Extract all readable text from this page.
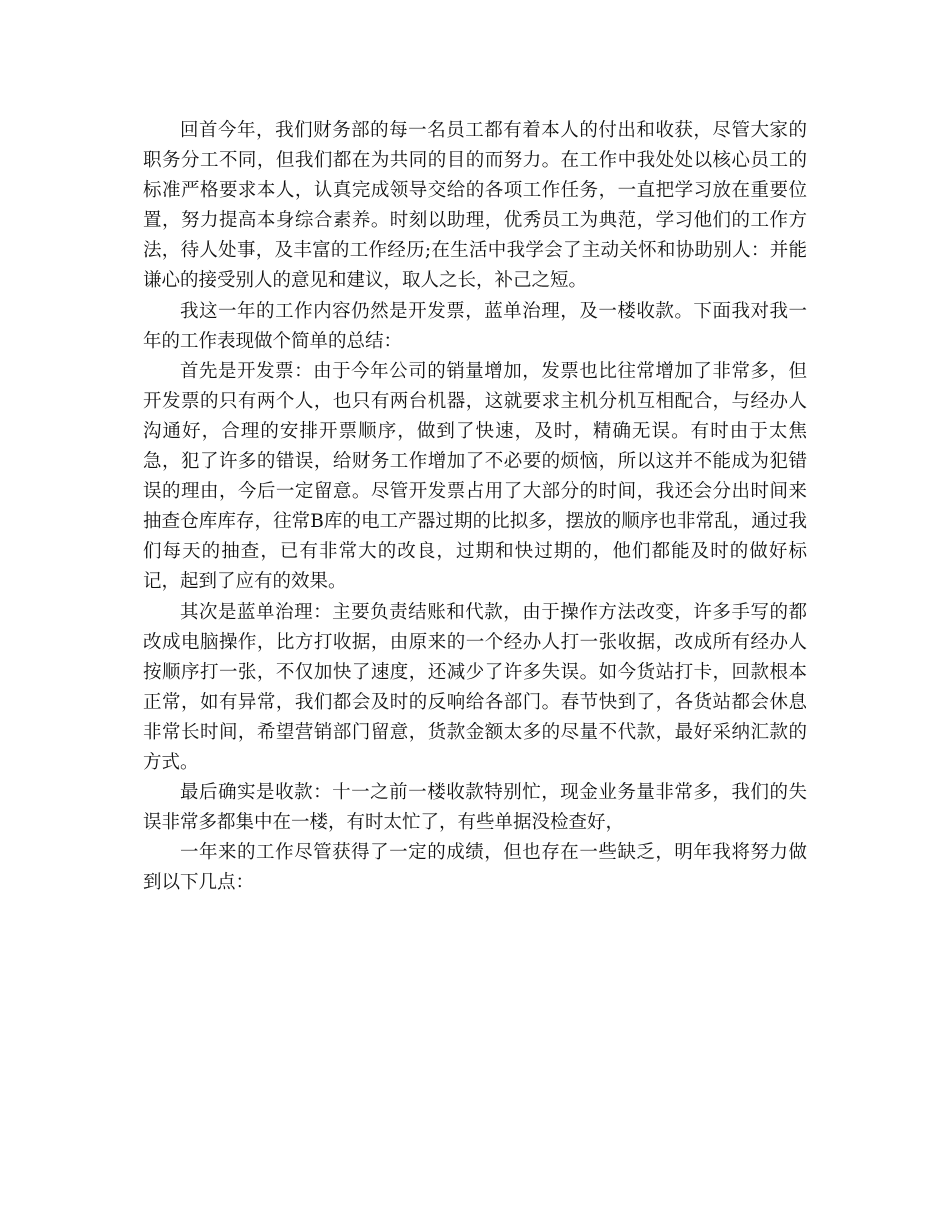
回首今年，我们财务部的每一名员工都有着本人的付出和收获，尽管大家的职务分工不同，但我们都在为共同的目的而努力。在工作中我处处以核心员工的标准严格要求本人，认真完成领导交给的各项工作任务，一直把学习放在重要位置，努力提高本身综合素养。时刻以助理，优秀员工为典范，学习他们的工作方法，待人处事，及丰富的工作经历;在生活中我学会了主动关怀和协助别人：并能谦心的接受别人的意见和建议，取人之长，补己之短。

我这一年的工作内容仍然是开发票，蓝单治理，及一楼收款。下面我对我一年的工作表现做个简单的总结：

首先是开发票：由于今年公司的销量增加，发票也比往常增加了非常多，但开发票的只有两个人，也只有两台机器，这就要求主机分机互相配合，与经办人沟通好，合理的安排开票顺序，做到了快速，及时，精确无误。有时由于太焦急，犯了许多的错误，给财务工作增加了不必要的烦恼，所以这并不能成为犯错误的理由，今后一定留意。尽管开发票占用了大部分的时间，我还会分出时间来抽查仓库库存，往常B库的电工产器过期的比拟多，摆放的顺序也非常乱，通过我们每天的抽查，已有非常大的改良，过期和快过期的，他们都能及时的做好标记，起到了应有的效果。

其次是蓝单治理：主要负责结账和代款，由于操作方法改变，许多手写的都改成电脑操作，比方打收据，由原来的一个经办人打一张收据，改成所有经办人按顺序打一张，不仅加快了速度，还减少了许多失误。如今货站打卡，回款根本正常，如有异常，我们都会及时的反响给各部门。春节快到了，各货站都会休息非常长时间，希望营销部门留意，货款金额太多的尽量不代款，最好采纳汇款的方式。

最后确实是收款：十一之前一楼收款特别忙，现金业务量非常多，我们的失误非常多都集中在一楼，有时太忙了，有些单据没检查好，

一年来的工作尽管获得了一定的成绩，但也存在一些缺乏，明年我将努力做到以下几点：
